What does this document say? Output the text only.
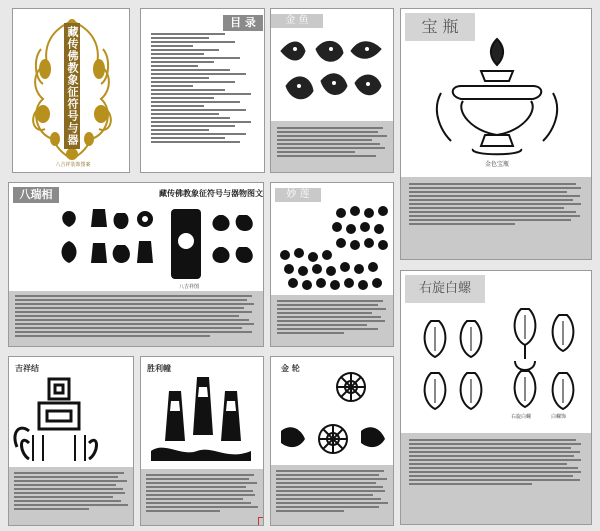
藏传佛教象征符号与器物图
八吉祥装饰图案
目 录	金 鱼	宝 瓶
金色宝瓶
八瑞相	藏传佛教象征符号与器物图文
八吉祥图
妙 莲
右旋白螺
右旋白螺	白螺饰
吉祥结	胜利幢	金 轮
